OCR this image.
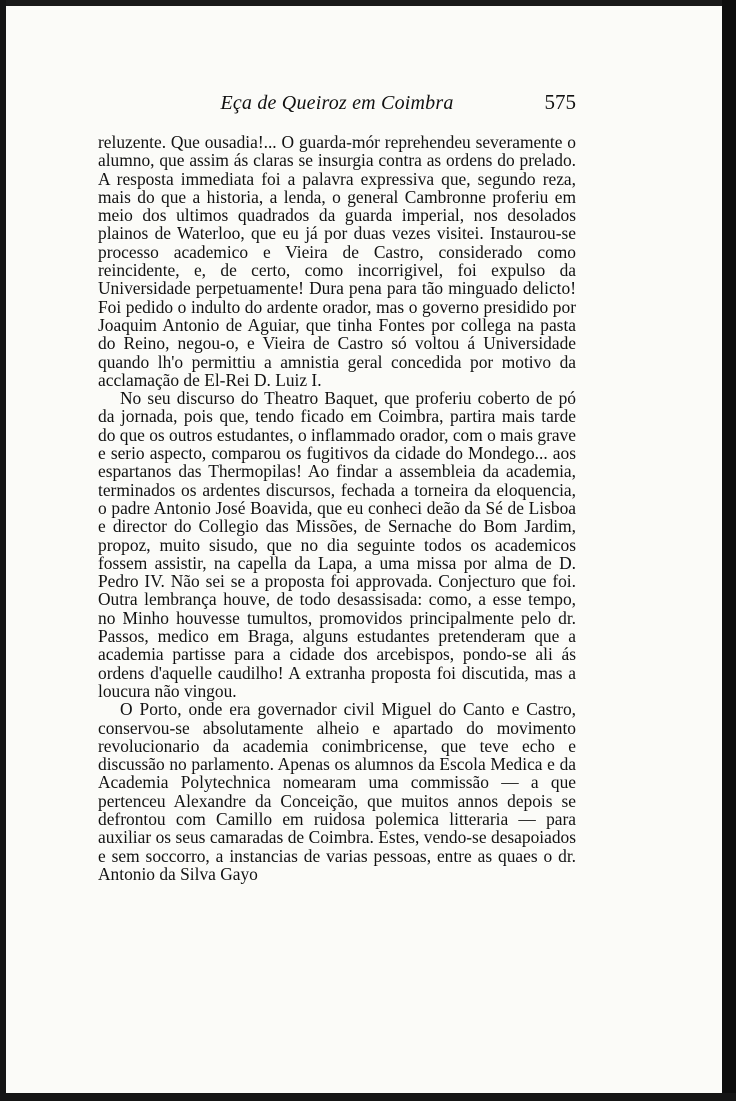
Eça de Queiroz em Coimbra	575

reluzente. Que ousadia!... O guarda-mór reprehendeu severamente o alumno, que assim ás claras se insurgia contra as ordens do prelado. A resposta immediata foi a palavra expressiva que, segundo reza, mais do que a historia, a lenda, o general Cambronne proferiu em meio dos ultimos quadrados da guarda imperial, nos desolados plainos de Waterloo, que eu já por duas vezes visitei. Instaurou-se processo academico e Vieira de Castro, considerado como reincidente, e, de certo, como incorrigivel, foi expulso da Universidade perpetuamente! Dura pena para tão minguado delicto! Foi pedido o indulto do ardente orador, mas o governo presidido por Joaquim Antonio de Aguiar, que tinha Fontes por collega na pasta do Reino, negou-o, e Vieira de Castro só voltou á Universidade quando lh'o permittiu a amnistia geral concedida por motivo da acclamação de El-Rei D. Luiz I.

No seu discurso do Theatro Baquet, que proferiu coberto de pó da jornada, pois que, tendo ficado em Coimbra, partira mais tarde do que os outros estudantes, o inflammado orador, com o mais grave e serio aspecto, comparou os fugitivos da cidade do Mondego... aos espartanos das Thermopilas! Ao findar a assembleia da academia, terminados os ardentes discursos, fechada a torneira da eloquencia, o padre Antonio José Boavida, que eu conheci deão da Sé de Lisboa e director do Collegio das Missões, de Sernache do Bom Jardim, propoz, muito sisudo, que no dia seguinte todos os academicos fossem assistir, na capella da Lapa, a uma missa por alma de D. Pedro IV. Não sei se a proposta foi approvada. Conjecturo que foi. Outra lembrança houve, de todo desassisada: como, a esse tempo, no Minho houvesse tumultos, promovidos principalmente pelo dr. Passos, medico em Braga, alguns estudantes pretenderam que a academia partisse para a cidade dos arcebispos, pondo-se ali ás ordens d'aquelle caudilho! A extranha proposta foi discutida, mas a loucura não vingou.

O Porto, onde era governador civil Miguel do Canto e Castro, conservou-se absolutamente alheio e apartado do movimento revolucionario da academia conimbricense, que teve echo e discussão no parlamento. Apenas os alumnos da Escola Medica e da Academia Polytechnica nomearam uma commissão — a que pertenceu Alexandre da Conceição, que muitos annos depois se defrontou com Camillo em ruidosa polemica litteraria — para auxiliar os seus camaradas de Coimbra. Estes, vendo-se desapoiados e sem soccorro, a instancias de varias pessoas, entre as quaes o dr. Antonio da Silva Gayo
